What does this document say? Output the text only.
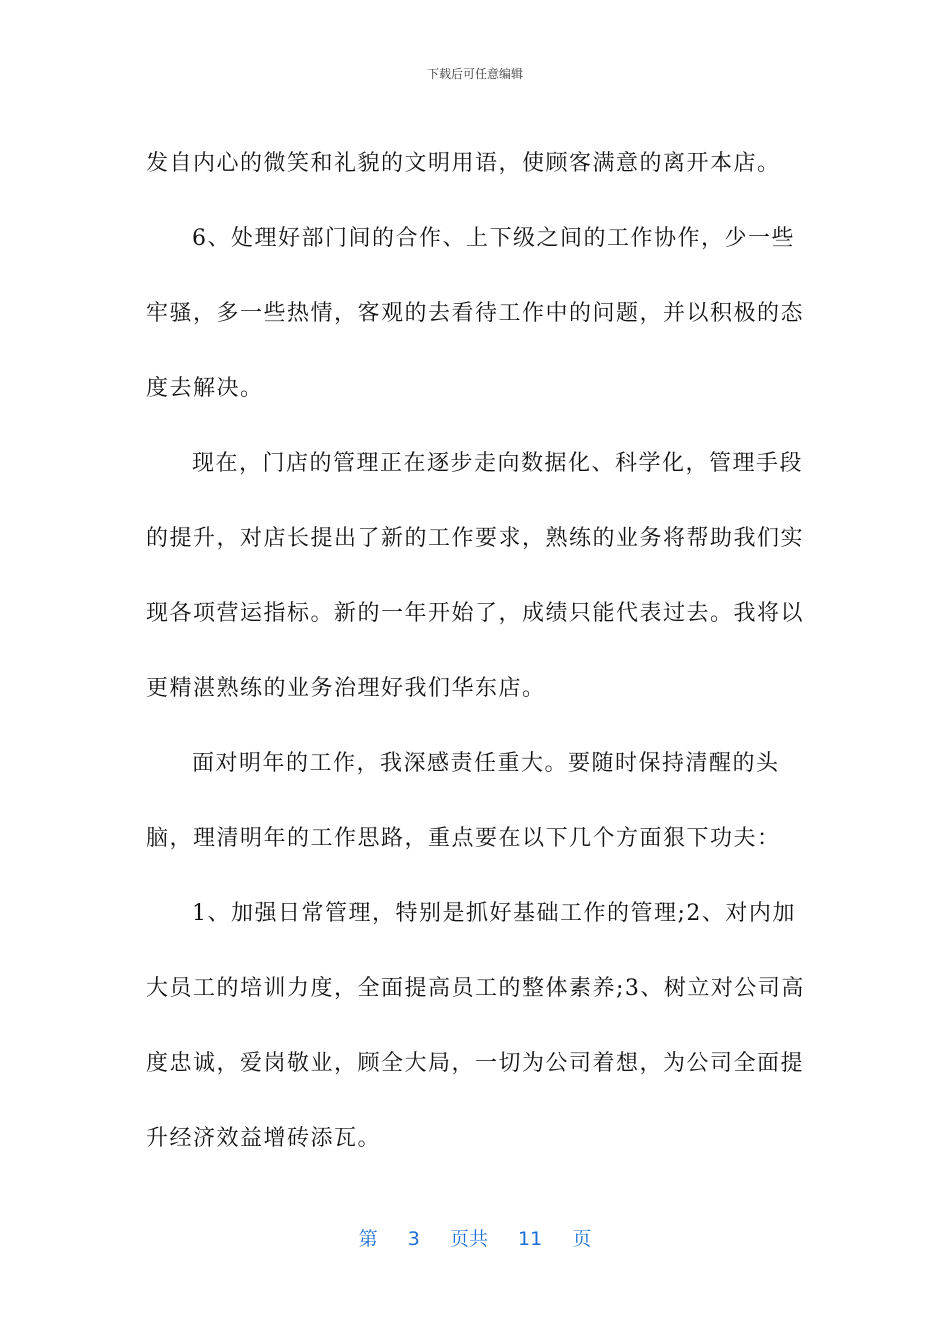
下载后可任意编辑

发自内心的微笑和礼貌的文明用语，使顾客满意的离开本店。

6、处理好部门间的合作、上下级之间的工作协作，少一些牢骚，多一些热情，客观的去看待工作中的问题，并以积极的态度去解决。

现在，门店的管理正在逐步走向数据化、科学化，管理手段的提升，对店长提出了新的工作要求，熟练的业务将帮助我们实现各项营运指标。新的一年开始了，成绩只能代表过去。我将以更精湛熟练的业务治理好我们华东店。

面对明年的工作，我深感责任重大。要随时保持清醒的头脑，理清明年的工作思路，重点要在以下几个方面狠下功夫：

1、加强日常管理，特别是抓好基础工作的管理;2、对内加大员工的培训力度，全面提高员工的整体素养;3、树立对公司高度忠诚，爱岗敬业，顾全大局，一切为公司着想，为公司全面提升经济效益增砖添瓦。

第 3 页共 11 页
